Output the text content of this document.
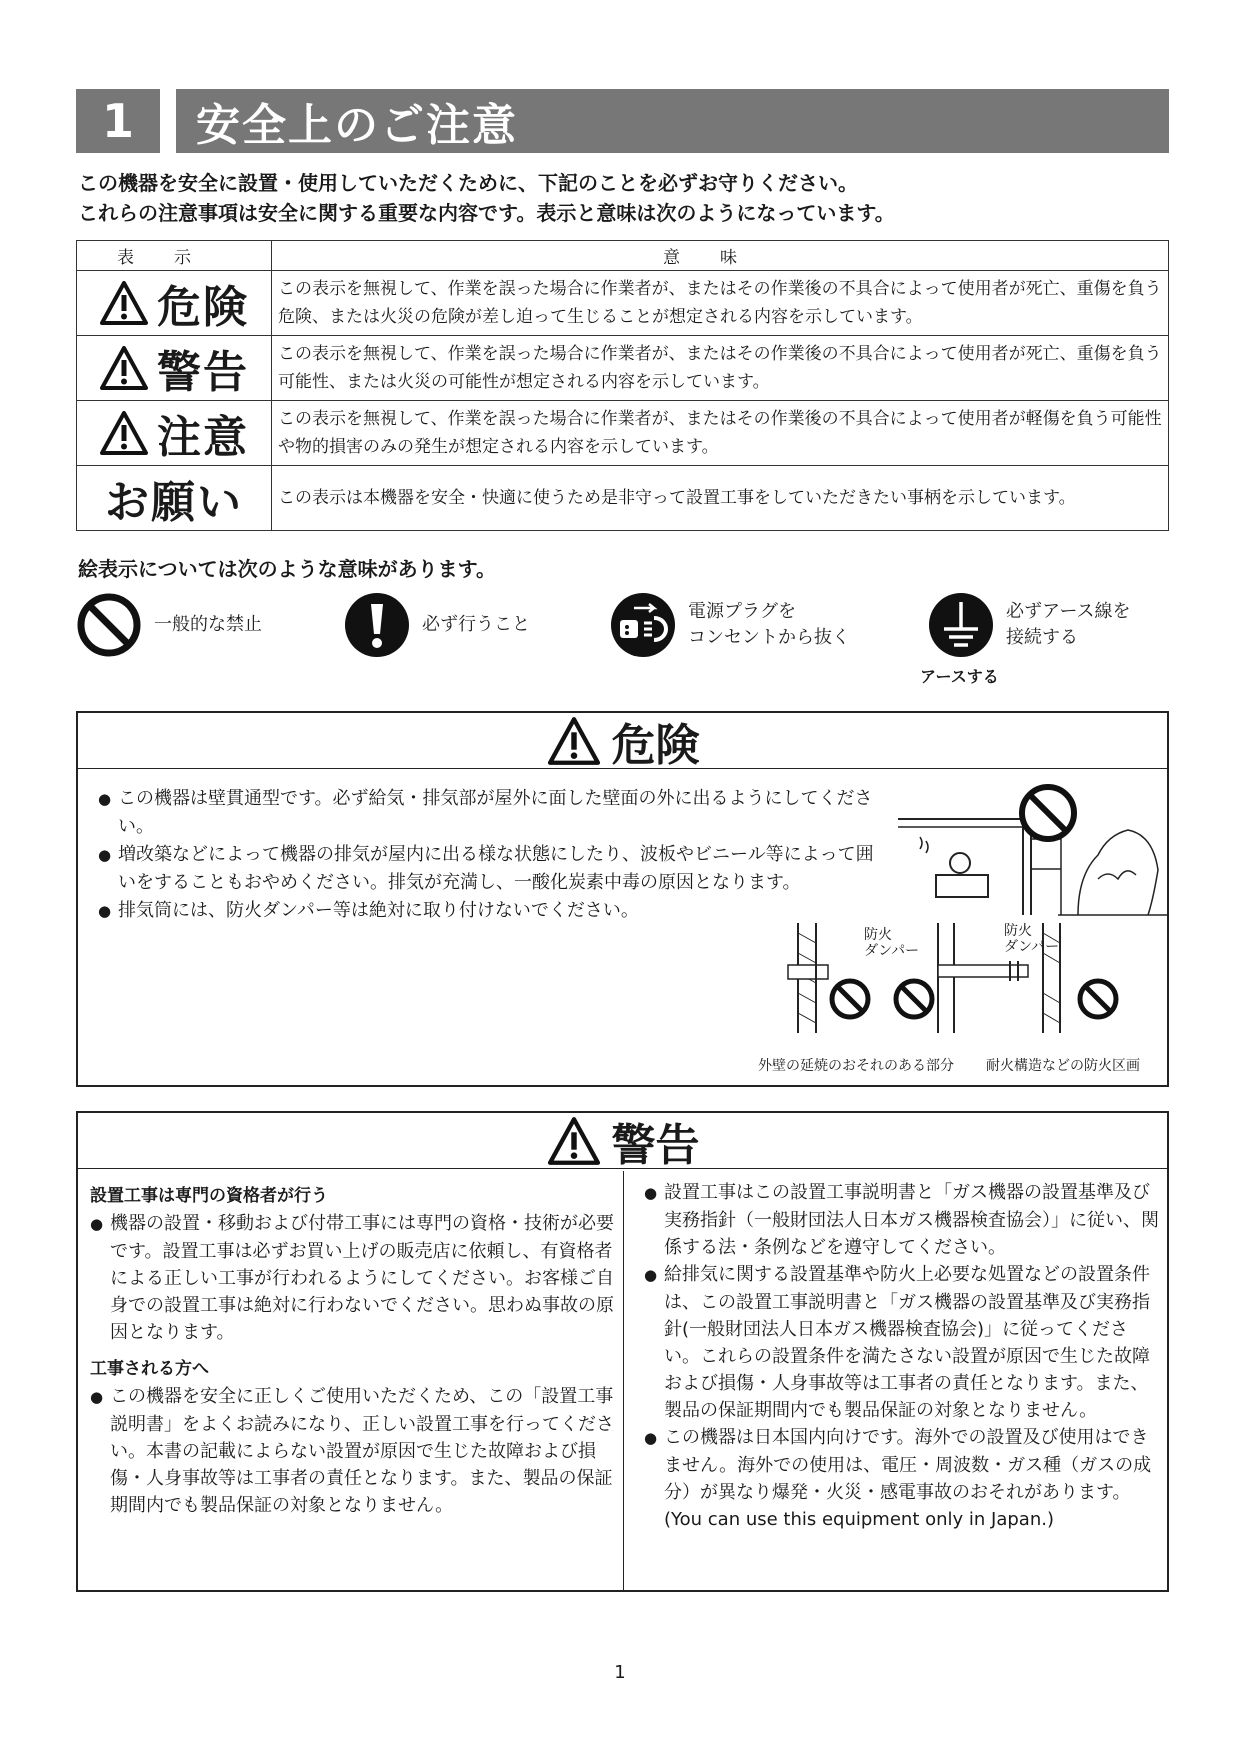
1	安全上のご注意
この機器を安全に設置・使用していただくために、下記のことを必ずお守りください。
これらの注意事項は安全に関する重要な内容です。表示と意味は次のようになっています。
表示	意味
危険	この表示を無視して、作業を誤った場合に作業者が、またはその作業後の不具合によって使用者が死亡、重傷を負う危険、または火災の危険が差し迫って生じることが想定される内容を示しています。
警告	この表示を無視して、作業を誤った場合に作業者が、またはその作業後の不具合によって使用者が死亡、重傷を負う可能性、または火災の可能性が想定される内容を示しています。
注意	この表示を無視して、作業を誤った場合に作業者が、またはその作業後の不具合によって使用者が軽傷を負う可能性や物的損害のみの発生が想定される内容を示しています。
お願い	この表示は本機器を安全・快適に使うため是非守って設置工事をしていただきたい事柄を示しています。
絵表示については次のような意味があります。
一般的な禁止	必ず行うこと
電源プラグを
コンセントから抜く
必ずアース線を
接続する
アースする
危険
● この機器は壁貫通型です。必ず給気・排気部が屋外に面した壁面の外に出るようにしてください。
● 増改築などによって機器の排気が屋内に出る様な状態にしたり、波板やビニール等によって囲いをすることもおやめください。排気が充満し、一酸化炭素中毒の原因となります。
● 排気筒には、防火ダンパー等は絶対に取り付けないでください。
防火
ダンパー
防火
ダンパー
外壁の延焼のおそれのある部分 耐火構造などの防火区画
警告
設置工事は専門の資格者が行う
● 機器の設置・移動および付帯工事には専門の資格・技術が必要です。設置工事は必ずお買い上げの販売店に依頼し、有資格者による正しい工事が行われるようにしてください。お客様ご自身での設置工事は絶対に行わないでください。思わぬ事故の原因となります。
工事される方へ
● この機器を安全に正しくご使用いただくため、この「設置工事説明書」をよくお読みになり、正しい設置工事を行ってください。本書の記載によらない設置が原因で生じた故障および損傷・人身事故等は工事者の責任となります。また、製品の保証期間内でも製品保証の対象となりません。
● 設置工事はこの設置工事説明書と「ガス機器の設置基準及び実務指針（一般財団法人日本ガス機器検査協会）」に従い、関係する法・条例などを遵守してください。
● 給排気に関する設置基準や防火上必要な処置などの設置条件は、この設置工事説明書と「ガス機器の設置基準及び実務指針(一般財団法人日本ガス機器検査協会)」に従ってください。これらの設置条件を満たさない設置が原因で生じた故障および損傷・人身事故等は工事者の責任となります。また、製品の保証期間内でも製品保証の対象となりません。
● この機器は日本国内向けです。海外での設置及び使用はできません。海外での使用は、電圧・周波数・ガス種（ガスの成分）が異なり爆発・火災・感電事故のおそれがあります。(You can use this equipment only in Japan.)
1
